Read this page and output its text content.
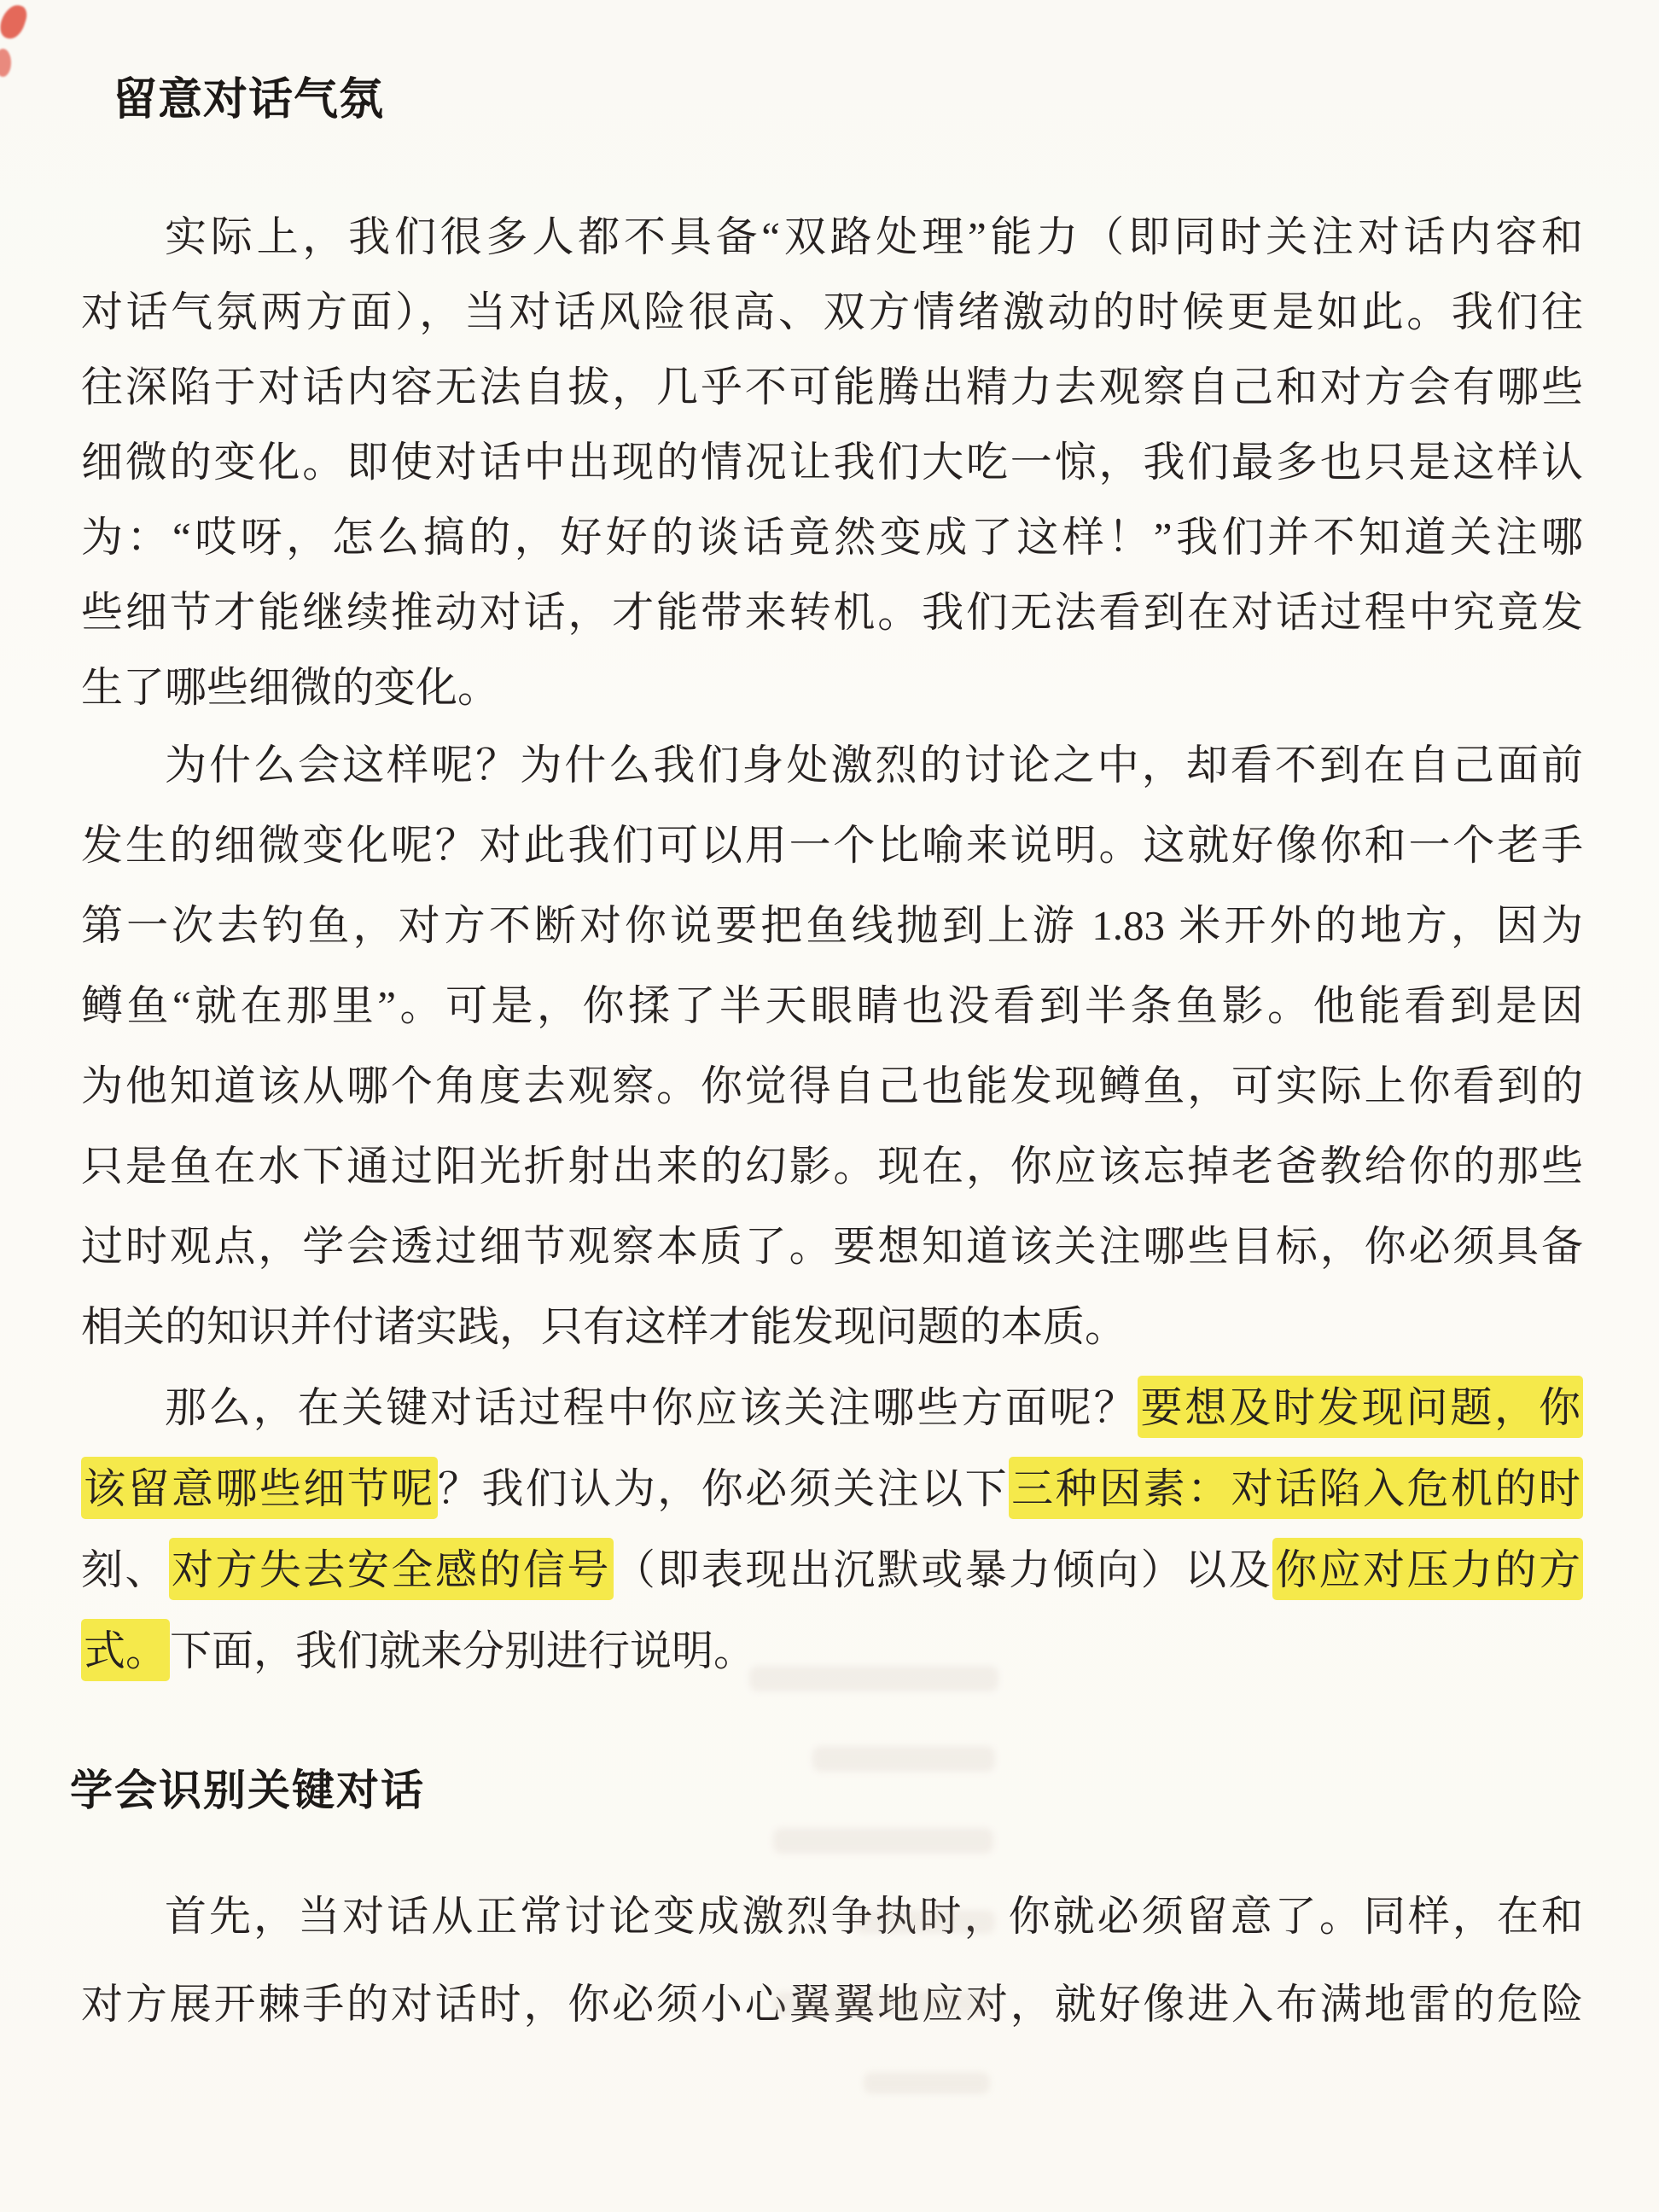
留意对话气氛
实际上，我们很多人都不具备“双路处理”能力（即同时关注对话内容和
对话气氛两方面），当对话风险很高、双方情绪激动的时候更是如此。我们往
往深陷于对话内容无法自拔，几乎不可能腾出精力去观察自己和对方会有哪些
细微的变化。即使对话中出现的情况让我们大吃一惊，我们最多也只是这样认
为：“哎呀，怎么搞的，好好的谈话竟然变成了这样！”我们并不知道关注哪
些细节才能继续推动对话，才能带来转机。我们无法看到在对话过程中究竟发
生了哪些细微的变化。
为什么会这样呢？为什么我们身处激烈的讨论之中，却看不到在自己面前
发生的细微变化呢？对此我们可以用一个比喻来说明。这就好像你和一个老手
第一次去钓鱼，对方不断对你说要把鱼线抛到上游 1.83 米开外的地方，因为
鳟鱼“就在那里”。可是，你揉了半天眼睛也没看到半条鱼影。他能看到是因
为他知道该从哪个角度去观察。你觉得自己也能发现鳟鱼，可实际上你看到的
只是鱼在水下通过阳光折射出来的幻影。现在，你应该忘掉老爸教给你的那些
过时观点，学会透过细节观察本质了。要想知道该关注哪些目标，你必须具备
相关的知识并付诸实践，只有这样才能发现问题的本质。
那么，在关键对话过程中你应该关注哪些方面呢？要想及时发现问题，你
该留意哪些细节呢？我们认为，你必须关注以下三种因素：对话陷入危机的时
刻、对方失去安全感的信号（即表现出沉默或暴力倾向）以及你应对压力的方
式。下面，我们就来分别进行说明。
学会识别关键对话
首先，当对话从正常讨论变成激烈争执时，你就必须留意了。同样，在和
对方展开棘手的对话时，你必须小心翼翼地应对，就好像进入布满地雷的危险
